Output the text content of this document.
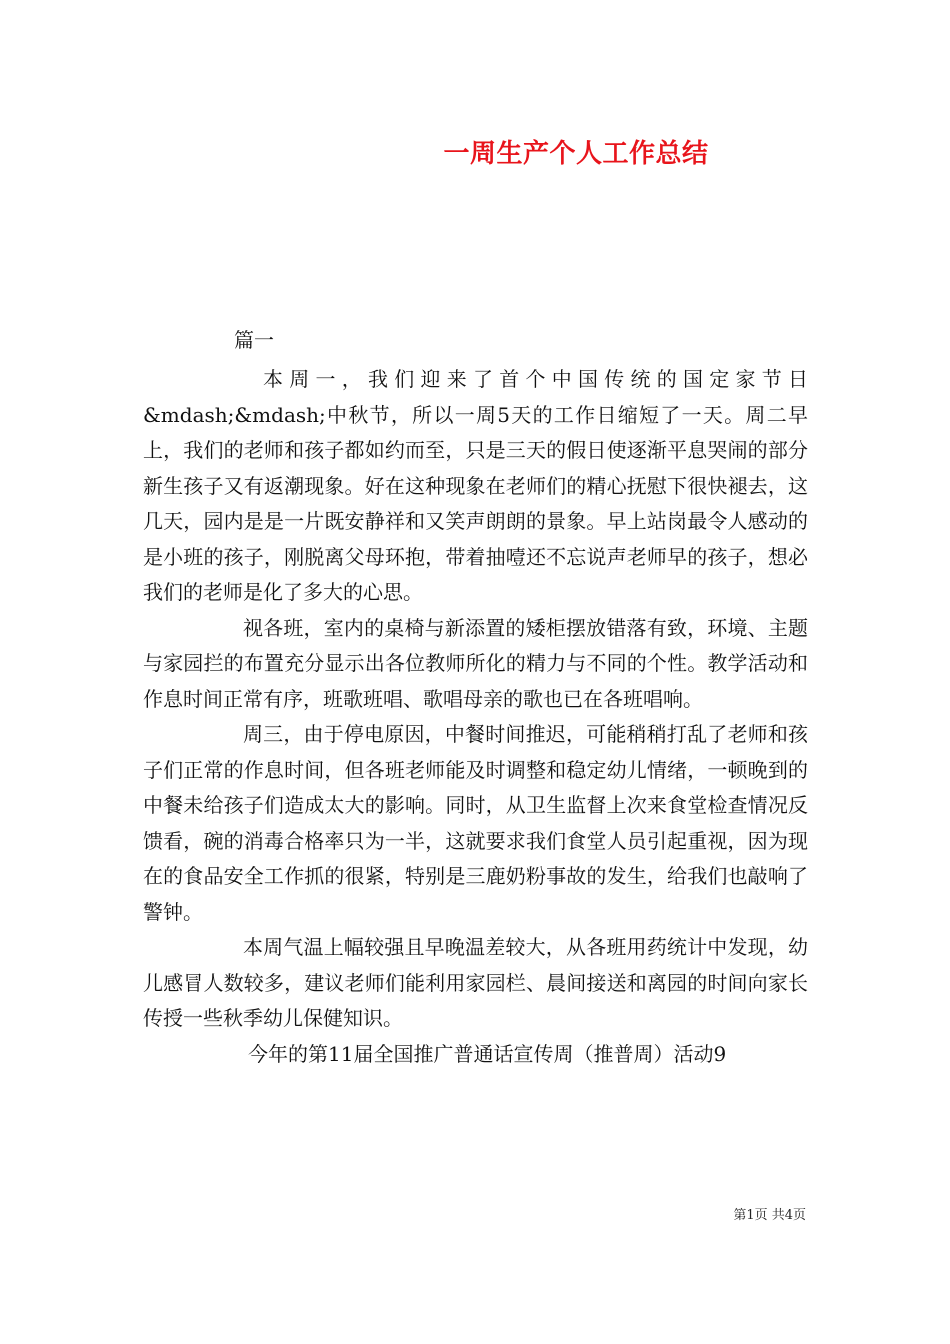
一周生产个人工作总结
篇一

本周一，我们迎来了首个中国传统的国定家节日&mdash;&mdash;中秋节，所以一周5天的工作日缩短了一天。周二早上，我们的老师和孩子都如约而至，只是三天的假日使逐渐平息哭闹的部分新生孩子又有返潮现象。好在这种现象在老师们的精心抚慰下很快褪去，这几天，园内是是一片既安静祥和又笑声朗朗的景象。早上站岗最令人感动的是小班的孩子，刚脱离父母环抱，带着抽噎还不忘说声老师早的孩子，想必我们的老师是化了多大的心思。

视各班，室内的桌椅与新添置的矮柜摆放错落有致，环境、主题与家园拦的布置充分显示出各位教师所化的精力与不同的个性。教学活动和作息时间正常有序，班歌班唱、歌唱母亲的歌也已在各班唱响。

周三，由于停电原因，中餐时间推迟，可能稍稍打乱了老师和孩子们正常的作息时间，但各班老师能及时调整和稳定幼儿情绪，一顿晚到的中餐未给孩子们造成太大的影响。同时，从卫生监督上次来食堂检查情况反馈看，碗的消毒合格率只为一半，这就要求我们食堂人员引起重视，因为现在的食品安全工作抓的很紧，特别是三鹿奶粉事故的发生，给我们也敲响了警钟。

本周气温上幅较强且早晚温差较大，从各班用药统计中发现，幼儿感冒人数较多，建议老师们能利用家园栏、晨间接送和离园的时间向家长传授一些秋季幼儿保健知识。

今年的第11届全国推广普通话宣传周（推普周）活动9

第1页 共4页
